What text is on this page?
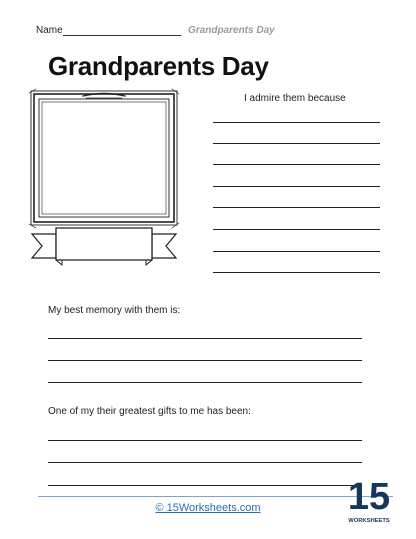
Name	Grandparents Day
Grandparents Day
I admire them because
My best memory with them is:
One of my their greatest gifts to me has been:
© 15Worksheets.com	15
WORKSHEETS
